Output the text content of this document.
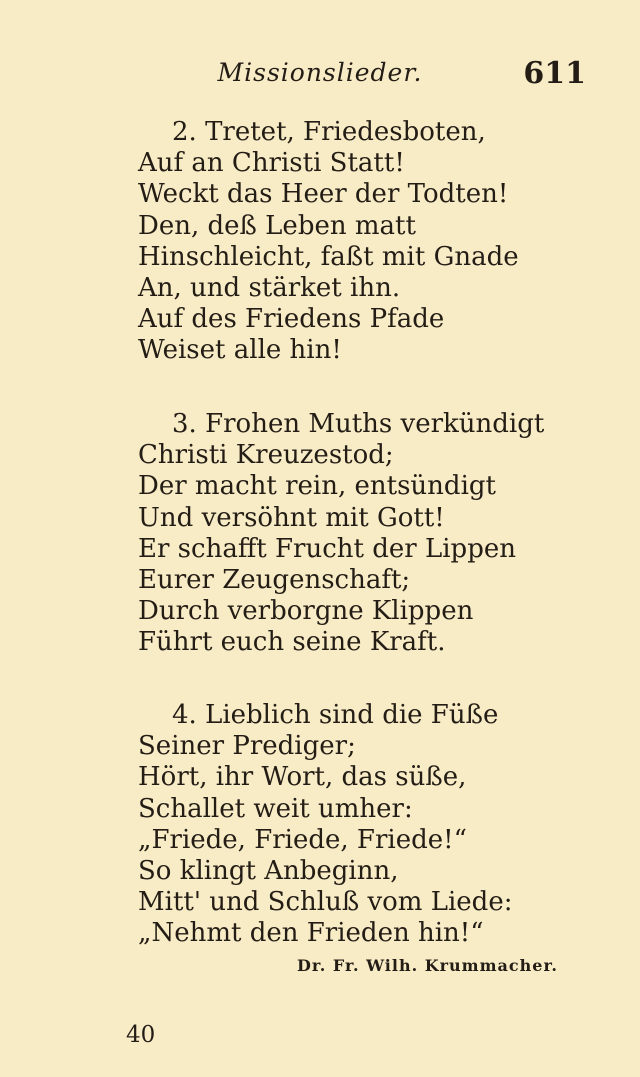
Missionslieder.	611
2. Tretet, Friedesboten,
Auf an Christi Statt!
Weckt das Heer der Todten!
Den, deß Leben matt
Hinschleicht, faßt mit Gnade
An, und stärket ihn.
Auf des Friedens Pfade
Weiset alle hin!
3. Frohen Muths verkündigt
Christi Kreuzestod;
Der macht rein, entsündigt
Und versöhnt mit Gott!
Er schafft Frucht der Lippen
Eurer Zeugenschaft;
Durch verborgne Klippen
Führt euch seine Kraft.
4. Lieblich sind die Füße
Seiner Prediger;
Hört, ihr Wort, das süße,
Schallet weit umher:
„Friede, Friede, Friede!“
So klingt Anbeginn,
Mitt' und Schluß vom Liede:
„Nehmt den Frieden hin!“
Dr. Fr. Wilh. Krummacher.
40
